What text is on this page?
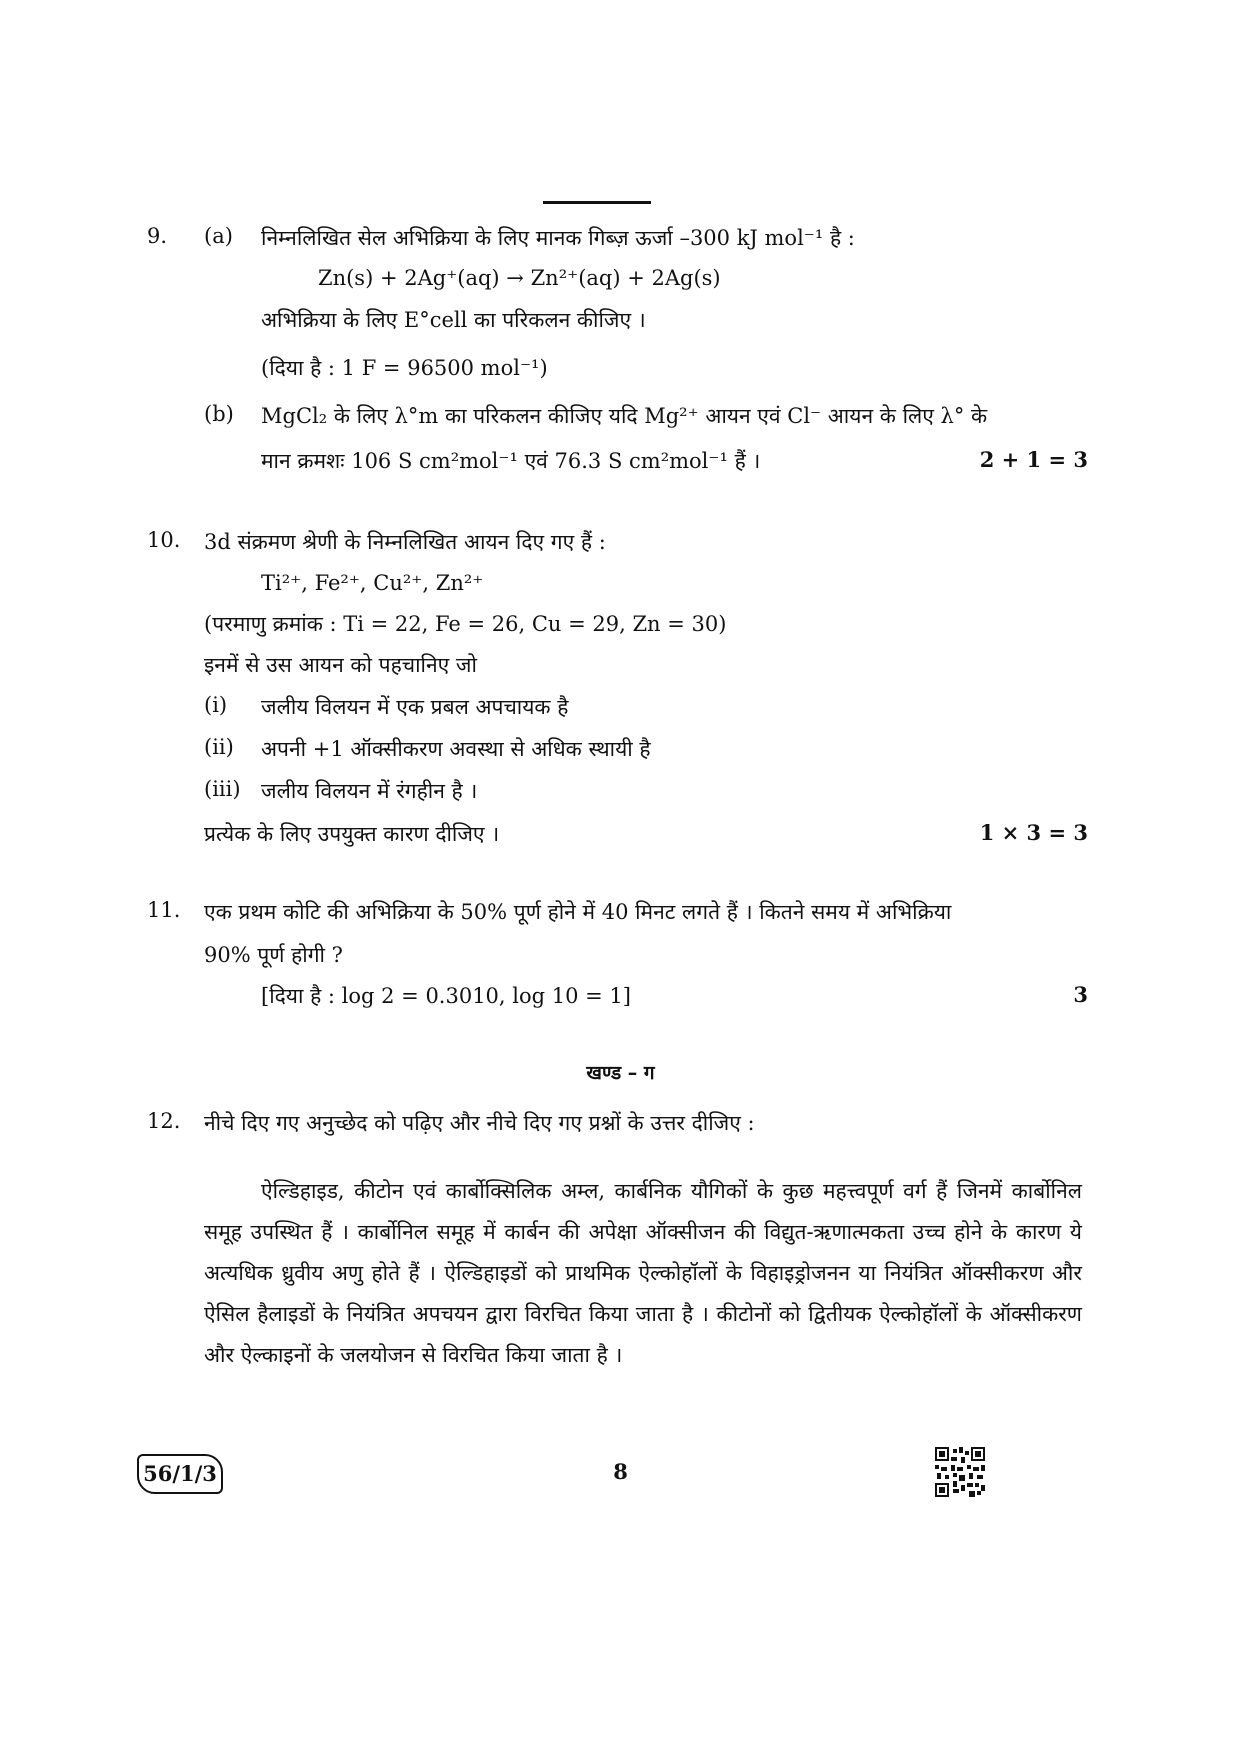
9. (a) निम्नलिखित सेल अभिक्रिया के लिए मानक गिब्ज़ ऊर्जा –300 kJ mol⁻¹ है :
Zn(s) + 2Ag⁺(aq) → Zn²⁺(aq) + 2Ag(s)
अभिक्रिया के लिए E°cell का परिकलन कीजिए ।
(दिया है : 1 F = 96500 mol⁻¹)
(b) MgCl₂ के लिए λ°m का परिकलन कीजिए यदि Mg²⁺ आयन एवं Cl⁻ आयन के लिए λ° के
मान क्रमशः 106 S cm²mol⁻¹ एवं 76.3 S cm²mol⁻¹ हैं ।	2 + 1 = 3
10. 3d संक्रमण श्रेणी के निम्नलिखित आयन दिए गए हैं :
Ti²⁺, Fe²⁺, Cu²⁺, Zn²⁺
(परमाणु क्रमांक : Ti = 22, Fe = 26, Cu = 29, Zn = 30)
इनमें से उस आयन को पहचानिए जो
(i) जलीय विलयन में एक प्रबल अपचायक है
(ii) अपनी +1 ऑक्सीकरण अवस्था से अधिक स्थायी है
(iii) जलीय विलयन में रंगहीन है ।
प्रत्येक के लिए उपयुक्त कारण दीजिए ।	1 × 3 = 3
11. एक प्रथम कोटि की अभिक्रिया के 50% पूर्ण होने में 40 मिनट लगते हैं । कितने समय में अभिक्रिया
90% पूर्ण होगी ?
[दिया है : log 2 = 0.3010, log 10 = 1]	3
खण्ड – ग
12. नीचे दिए गए अनुच्छेद को पढ़िए और नीचे दिए गए प्रश्नों के उत्तर दीजिए :
ऐल्डिहाइड, कीटोन एवं कार्बोक्सिलिक अम्ल, कार्बनिक यौगिकों के कुछ महत्त्वपूर्ण वर्ग हैं जिनमें कार्बोनिल समूह उपस्थित हैं । कार्बोनिल समूह में कार्बन की अपेक्षा ऑक्सीजन की विद्युत-ऋणात्मकता उच्च होने के कारण ये अत्यधिक ध्रुवीय अणु होते हैं । ऐल्डिहाइडों को प्राथमिक ऐल्कोहॉलों के विहाइड्रोजनन या नियंत्रित ऑक्सीकरण और ऐसिल हैलाइडों के नियंत्रित अपचयन द्वारा विरचित किया जाता है । कीटोनों को द्वितीयक ऐल्कोहॉलों के ऑक्सीकरण और ऐल्काइनों के जलयोजन से विरचित किया जाता है ।
56/1/3	8
